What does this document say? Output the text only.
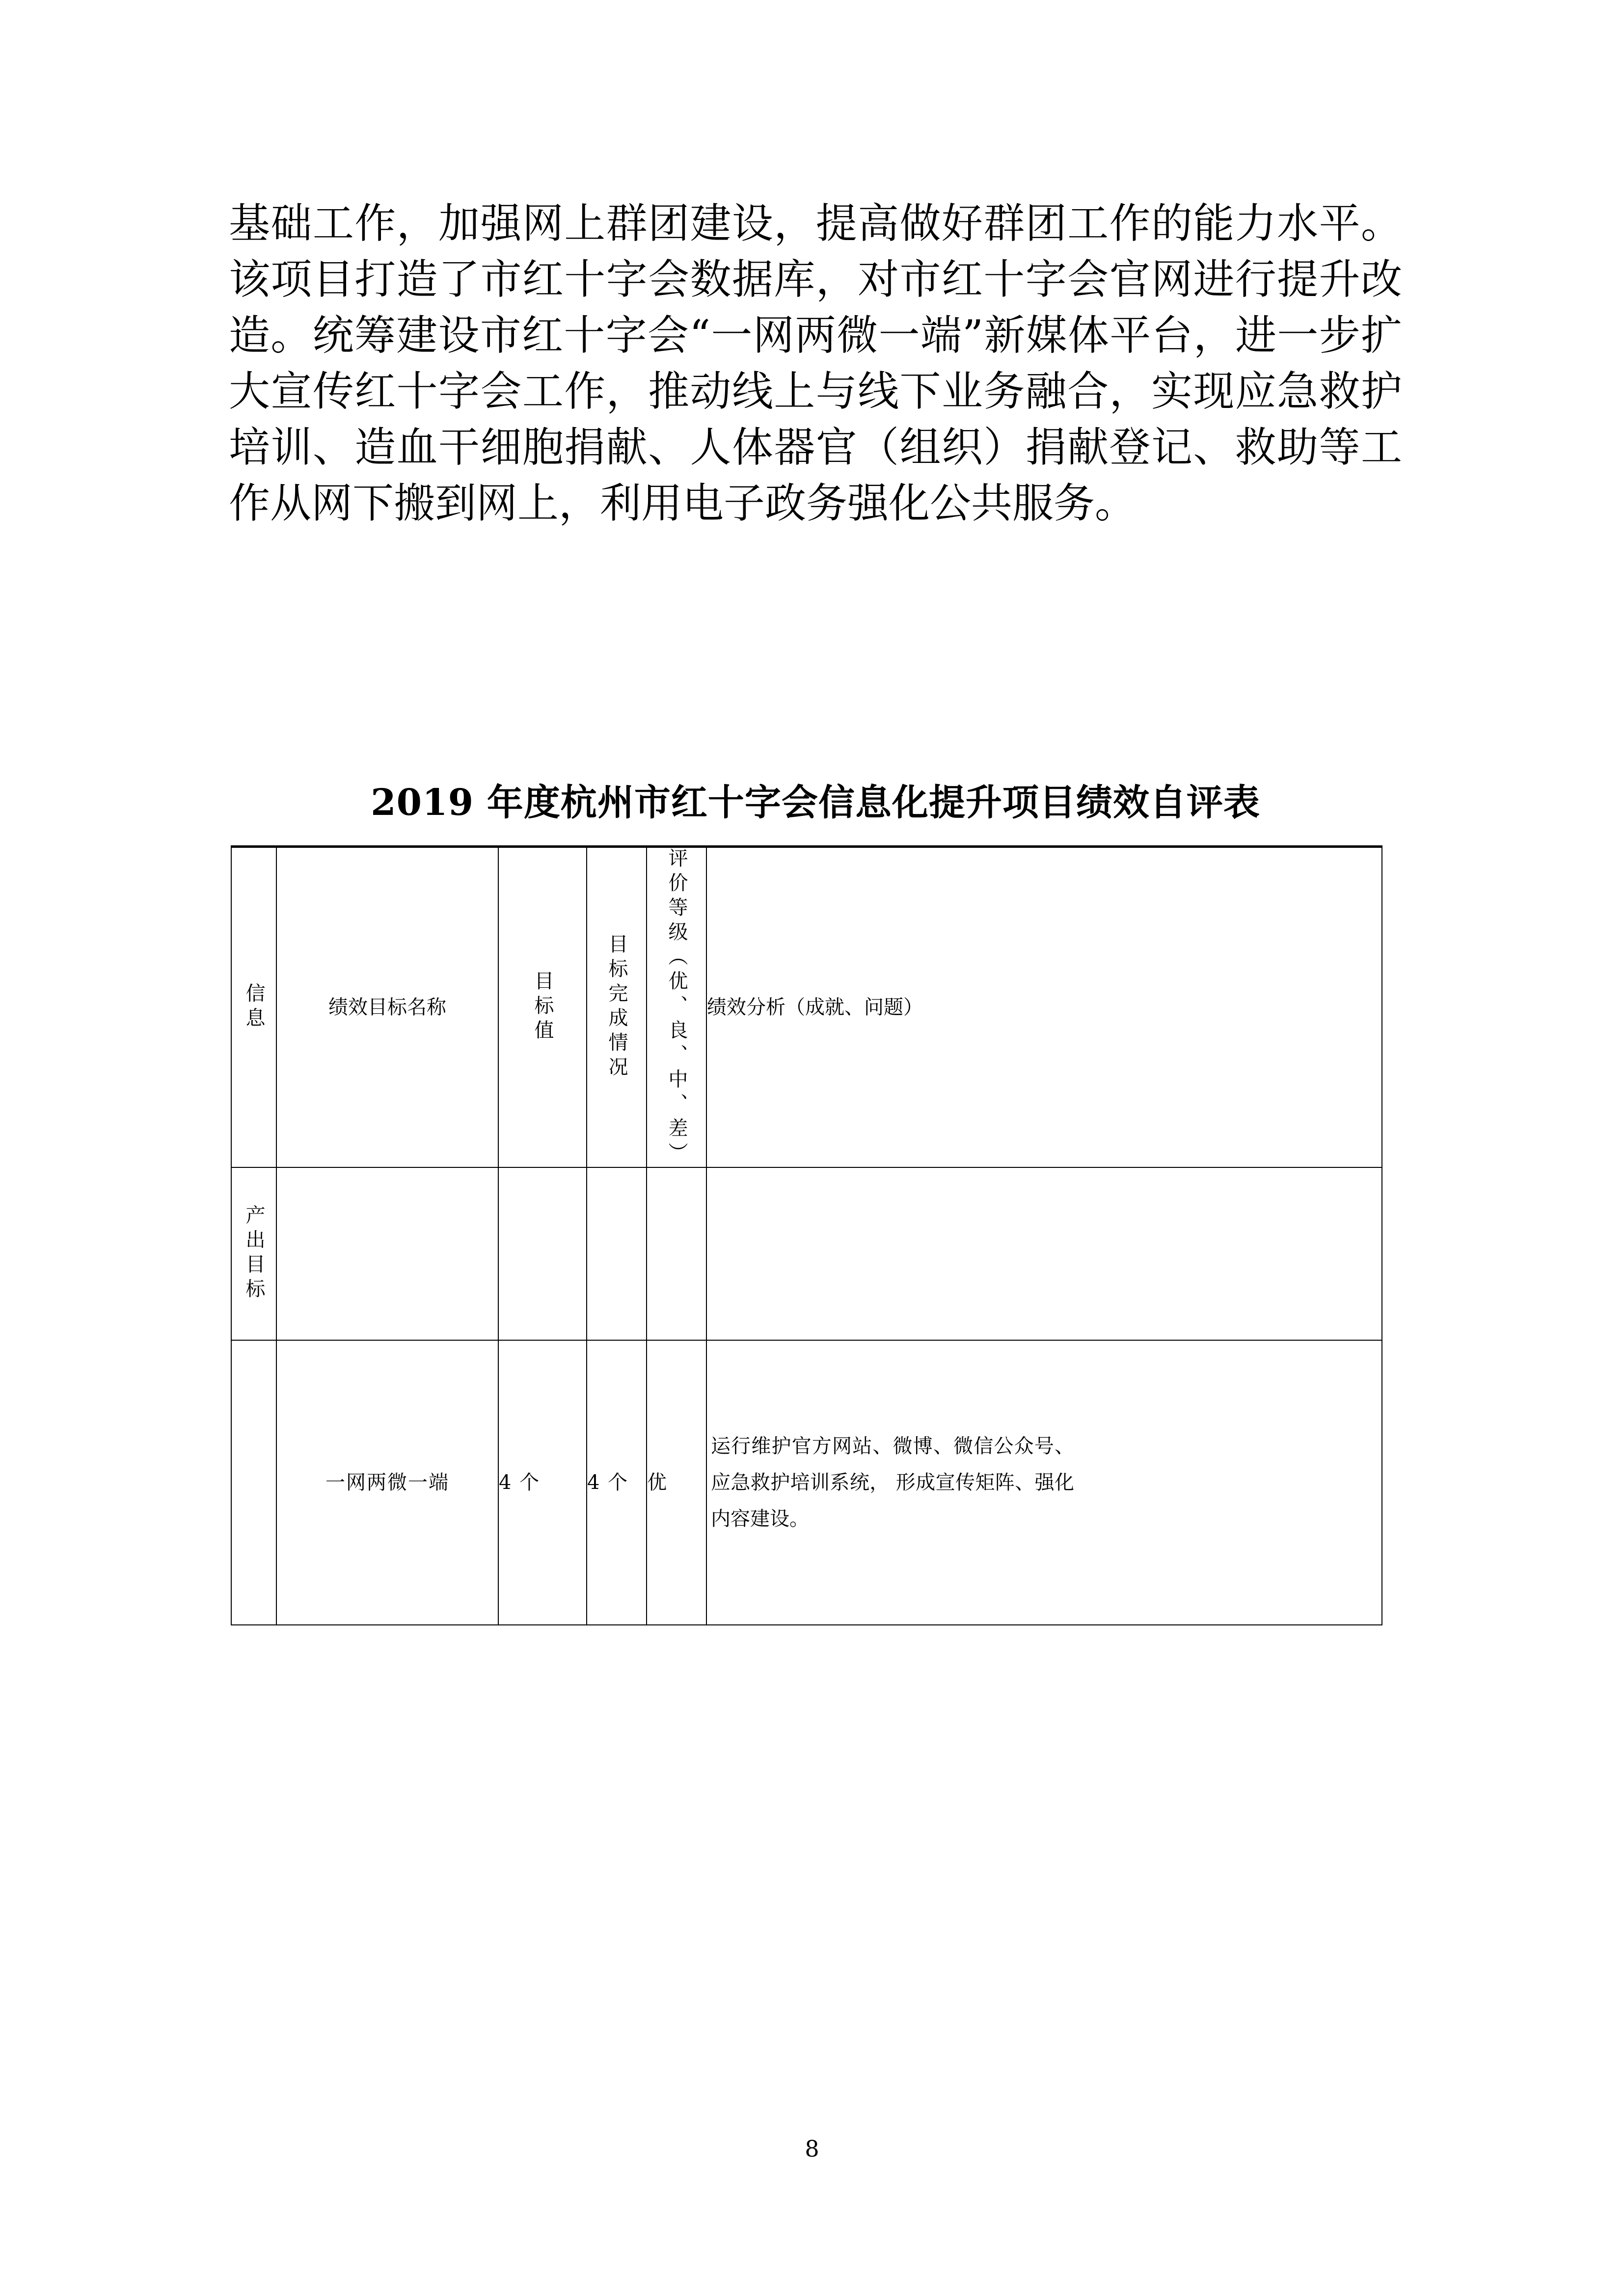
基础工作，加强网上群团建设，提高做好群团工作的能力水平。该项目打造了市红十字会数据库，对市红十字会官网进行提升改造。统筹建设市红十字会“一网两微一端”新媒体平台，进一步扩大宣传红十字会工作，推动线上与线下业务融合，实现应急救护 培训、造血干细胞捐献、人体器官（组织）捐献登记、救助等工 作从网下搬到网上，利用电子政务强化公共服务。

2019 年度杭州市红十字会信息化提升项目绩效自评表
信息	绩效目标名称	目标值	目标完成情况	评价等级（优、良、中、差）	绩效分析（成就、问题）

产出目标					

	一网两微一端	4 个	4 个	优	运行维护官方网站、微博、微信公众号、应急救护培训系统， 形成宣传矩阵、强化内容建设。
8
